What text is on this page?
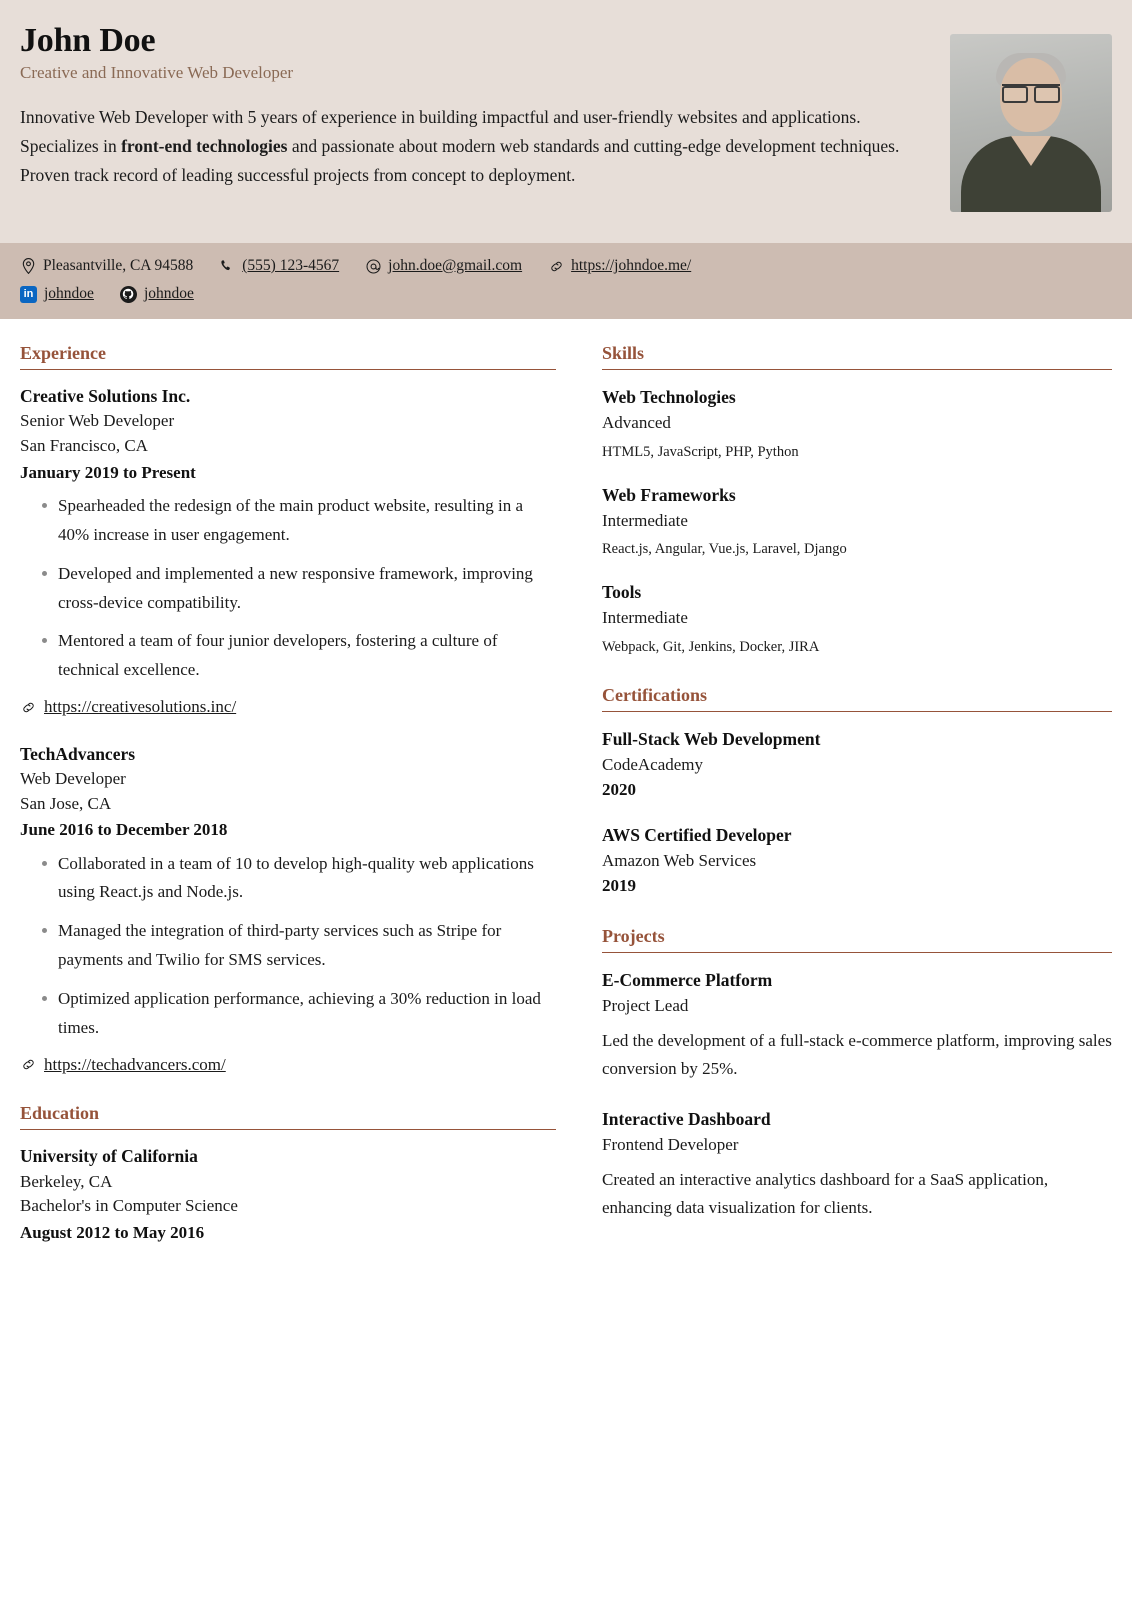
John Doe
Creative and Innovative Web Developer

Innovative Web Developer with 5 years of experience in building impactful and user-friendly websites and applications. Specializes in front-end technologies and passionate about modern web standards and cutting-edge development techniques. Proven track record of leading successful projects from concept to deployment.

Pleasantville, CA 94588	(555) 123-4567	john.doe@gmail.com	https://johndoe.me/
in johndoe	johndoe
Experience
Creative Solutions Inc.
Senior Web Developer
San Francisco, CA
January 2019 to Present
Spearheaded the redesign of the main product website, resulting in a 40% increase in user engagement.
Developed and implemented a new responsive framework, improving cross-device compatibility.
Mentored a team of four junior developers, fostering a culture of technical excellence.
https://creativesolutions.inc/
TechAdvancers
Web Developer
San Jose, CA
June 2016 to December 2018
Collaborated in a team of 10 to develop high-quality web applications using React.js and Node.js.
Managed the integration of third-party services such as Stripe for payments and Twilio for SMS services.
Optimized application performance, achieving a 30% reduction in load times.
https://techadvancers.com/
Education
University of California
Berkeley, CA
Bachelor's in Computer Science
August 2012 to May 2016
Skills
Web Technologies
Advanced
HTML5, JavaScript, PHP, Python
Web Frameworks
Intermediate
React.js, Angular, Vue.js, Laravel, Django
Tools
Intermediate
Webpack, Git, Jenkins, Docker, JIRA
Certifications
Full-Stack Web Development
CodeAcademy
2020
AWS Certified Developer
Amazon Web Services
2019
Projects
E-Commerce Platform
Project Lead
Led the development of a full-stack e-commerce platform, improving sales conversion by 25%.
Interactive Dashboard
Frontend Developer
Created an interactive analytics dashboard for a SaaS application, enhancing data visualization for clients.
